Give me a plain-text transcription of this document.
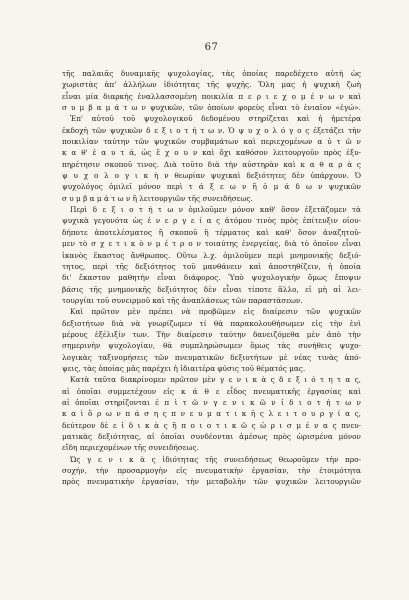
67
τῆς παλαιᾶς δυναμικῆς ψυχολογίας, τὰς ὁποίας παρεδέχετο αὐτὴ ὡς
χωριστὰς ἀπ' ἀλλήλων ἰδιότητας τῆς ψυχῆς. Ὅλη μας ἡ ψυχικὴ ζωὴ
εἶναι μία διαρκὴς ἐναλλασσομένη ποικιλία π ε ρ ι ε χ ο μ έ ν ω ν καὶ
σ υ μ β α μ ά τ ω ν ψυχικῶν, τῶν ὁποίων φορεὺς εἶναι τὸ ἑνιαῖον «ἐγώ».
Ἐπ' αὐτοῦ τοῦ ψυχολογικοῦ δεδομένου στηρίζεται καὶ ἡ ἡμετέρα
ἐκδοχὴ τῶν ψυχικῶν δ ε ξ ι ο τ ή τ ω ν. Ὁ ψ υ χ ο λ ό γ ο ς ἐξετάζει τὴν
ποικιλίαν ταύτην τῶν ψυχικῶν συμβαμάτων καὶ περιεχομένων α ὐ τ ῶ ν
κ α θ' ἑ α υ τ ά, ὡς ἔ χ ο υ ν καὶ ὄχι καθόσον λειτουργοῦν πρὸς ἐξυ-
πηρέτησιν σκοποῦ τινος. Διὰ τοῦτο διὰ τὴν αὐστηρὰν καὶ κ α θ α ρ ὰ ς
ψ υ χ ο λ ο γ ι κ ὴ ν θεωρίαν ψυχικαὶ δεξιότητες δὲν ὑπάρχουν. Ὁ
ψυχολόγος ὁμιλεῖ μόνον περὶ τ ά ξ ε ω ν ἢ ὁ μ ά δ ω ν ψυχικῶν
σ υ μ β α μ ά τ ω ν ἢ λειτουργιῶν τῆς συνειδήσεως.
Περὶ δ ε ξ ι ο τ ή τ ω ν ὁμιλοῦμεν μόνον καθ' ὅσον ἐξετάζομεν τὰ
ψυχικὰ γεγονότα ὡς ἐ ν ε ρ γ ε ί α ς ἀτόμου τινὸς πρὸς ἐπίτευξιν οἱου-
δήποτε ἀποτελέσματος ἢ σκοποῦ ἢ τέρματος καὶ καθ' ὅσον ἀναζητοῦ-
μεν τὸ σ χ ε τ ι κ ὸ ν μ έ τ ρ ο ν τοιαύτης ἐνεργείας, διὰ τὸ ὁποῖον εἶναι
ἱκανὸς ἕκαστος ἄνθρωπος. Οὕτω λ.χ. ὁμιλοῦμεν περὶ μνημονικῆς δεξιό-
τητος, περὶ τῆς δεξιότητος τοῦ μανθάνειν καὶ ἀποστηθίζειν, ἡ ὁποία
δι' ἕκαστον μαθητὴν εἶναι διάφορος. Ὑπὸ ψυχολογικὴν ὅμως ἔποψιν
βάσις τῆς μνημονικῆς δεξιότητος δὲν εἶναι τίποτε ἄλλο, εἰ μὴ αἱ λει-
τουργίαι τοῦ συνειρμοῦ καὶ τῆς ἀναπλάσεως τῶν παραστάσεων.
Καὶ πρῶτον μὲν πρέπει νὰ προβῶμεν εἰς διαίρεσιν τῶν ψυχικῶν
δεξιοτήτων διὰ νὰ γνωρίζωμεν τί θὰ παρακολουθήσωμεν εἰς τὴν ἑνὶ
μέρους ἐξέλιξίν των. Τὴν διαίρεσιν ταύτην δανειζόμεθα μὲν ἀπὸ τὴν
σημερινὴν ψυχολογίαν, θὰ συμπληρώσωμεν ὅμως τὰς συνήθεις ψυχο-
λογικὰς ταξινομήσεις τῶν πνευματικῶν δεξιοτήτων μὲ νέας τινὰς ἀπό-
ψεις, τὰς ὁποίας μᾶς παρέχει ἡ ἰδιαιτέρα φύσις τοῦ θέματός μας.
Κατὰ ταῦτα διακρίνομεν πρῶτον μὲν γ ε ν ι κ ὰ ς δ ε ξ ι ό τ η τ α ς,
αἱ ὁποῖαι συμμετέχουν εἰς κ ά θ ε εἶδος πνευματικῆς ἐργασίας καὶ
αἱ ὁποῖαι στηρίζονται ἐ π ὶ τ ῶ ν γ ε ν ι κ ῶ ν ἰ δ ι ο τ ή τ ω ν
κ α ὶ ὅ ρ ω ν π ά σ η ς π ν ε υ μ α τ ι κ ῆ ς λ ε ι τ ο υ ρ γ ί α ς,
δεύτερον δὲ ε ἰ δ ι κ ὰ ς ἢ π ο ι ο τ ι κ ῶ ς ὡ ρ ι σ μ έ ν α ς πνευ-
ματικὰς δεξιότητας, αἱ ὁποῖαι συνδέονται ἀμέσως πρὸς ὡρισμένα μόνον
εἴδη περιεχομένων τῆς συνειδήσεως.
Ὡς γ ε ν ι κ ὰ ς ἰδιότητας τῆς συνειδήσεως θεωροῦμεν τὴν προ-
σοχήν, τὴν προσαρμογὴν εἰς πνευματικὴν ἐργασίαν, τὴν ἑτοιμότητα
πρὸς πνευματικὴν ἐργασίαν, τὴν μεταβολὴν τῶν ψυχικῶν λειτουργιῶν
